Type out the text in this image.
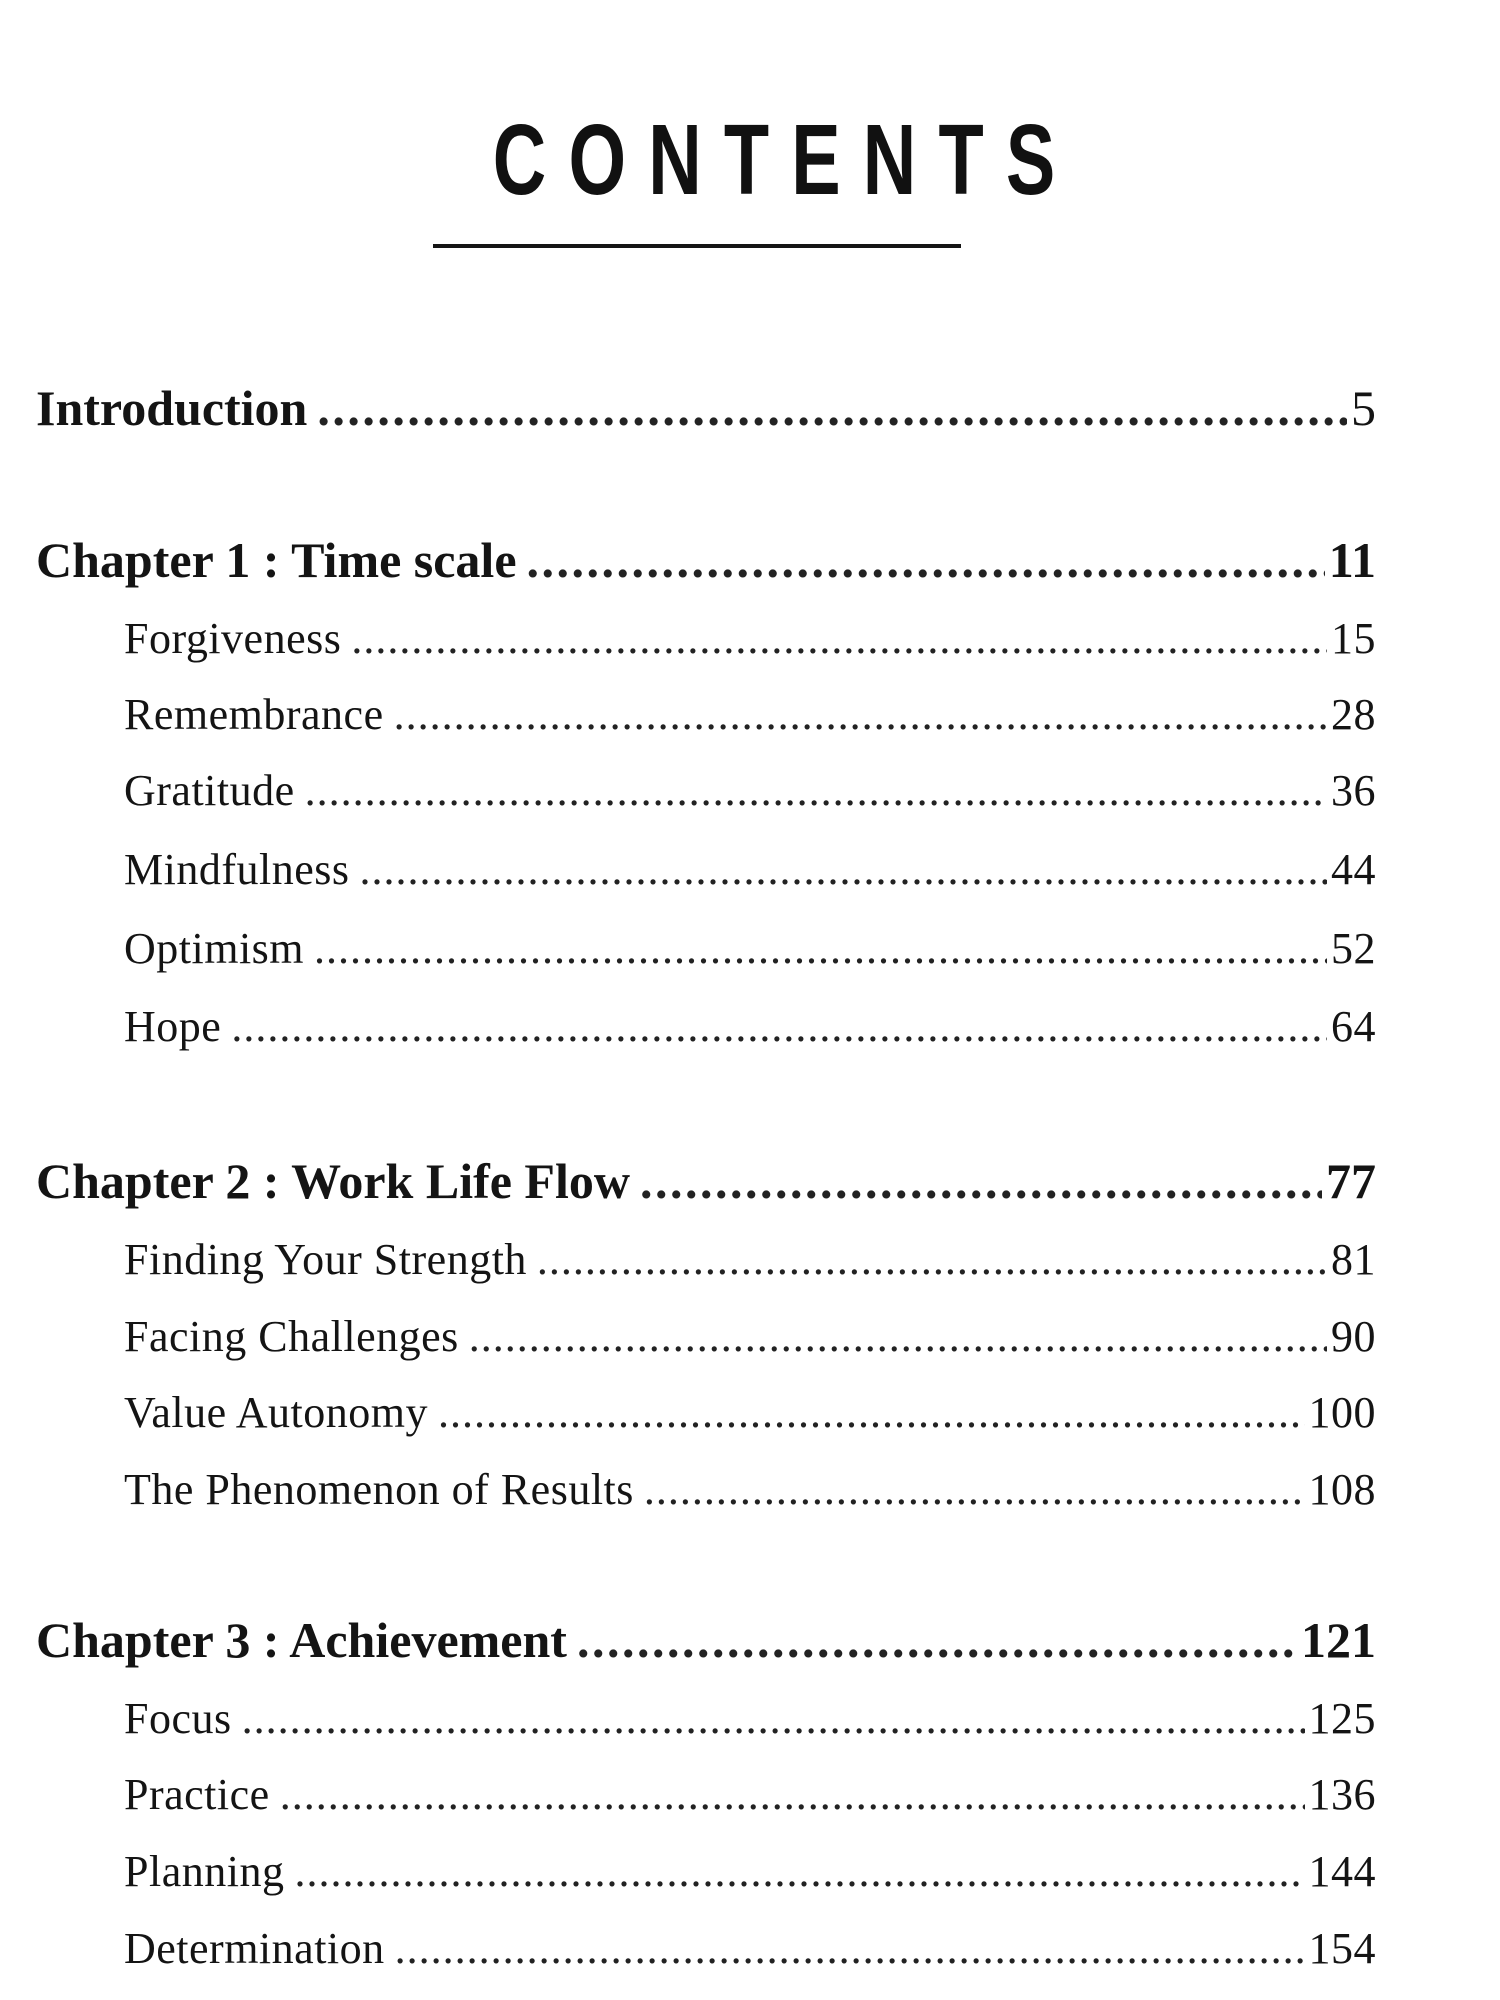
CONTENTS
Introduction . . .	5
Chapter 1 : Time scale . . .	11
Forgiveness . . .	15
Remembrance . . .	28
Gratitude . . .	36
Mindfulness . . .	44
Optimism . . .	52
Hope . . .	64
Chapter 2 : Work Life Flow . . .	77
Finding Your Strength . . .	81
Facing Challenges . . .	90
Value Autonomy . . .	100
The Phenomenon of Results . . .	108
Chapter 3 : Achievement . . .	121
Focus . . .	125
Practice . . .	136
Planning . . .	144
Determination . . .	154
